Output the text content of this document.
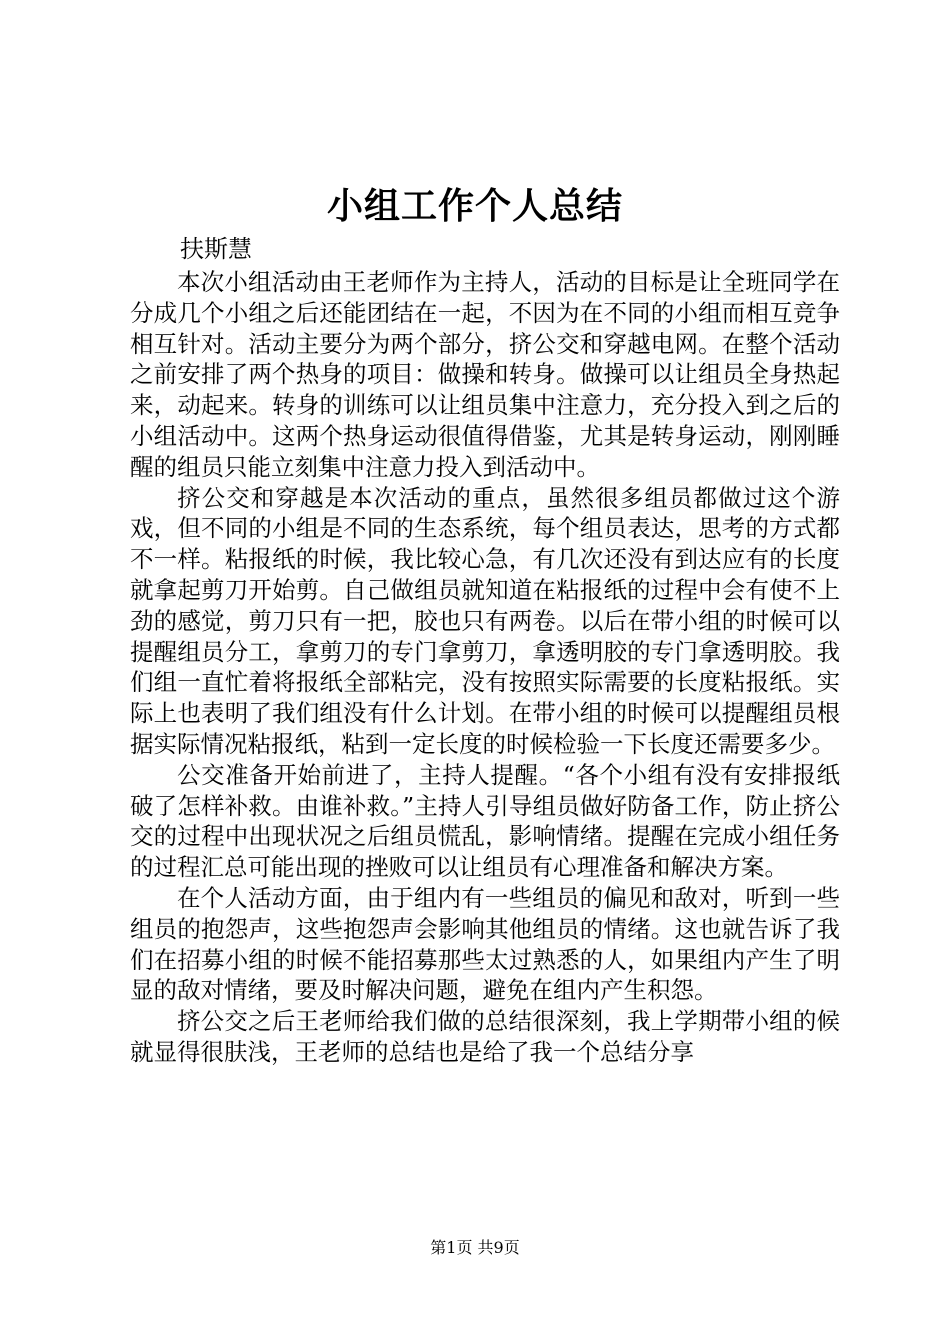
小组工作个人总结
扶斯慧

本次小组活动由王老师作为主持人，活动的目标是让全班同学在分成几个小组之后还能团结在一起，不因为在不同的小组而相互竞争相互针对。活动主要分为两个部分，挤公交和穿越电网。在整个活动之前安排了两个热身的项目：做操和转身。做操可以让组员全身热起来，动起来。转身的训练可以让组员集中注意力，充分投入到之后的小组活动中。这两个热身运动很值得借鉴，尤其是转身运动，刚刚睡醒的组员只能立刻集中注意力投入到活动中。

挤公交和穿越是本次活动的重点，虽然很多组员都做过这个游戏，但不同的小组是不同的生态系统，每个组员表达，思考的方式都不一样。粘报纸的时候，我比较心急，有几次还没有到达应有的长度就拿起剪刀开始剪。自己做组员就知道在粘报纸的过程中会有使不上劲的感觉，剪刀只有一把，胶也只有两卷。以后在带小组的时候可以提醒组员分工，拿剪刀的专门拿剪刀，拿透明胶的专门拿透明胶。我们组一直忙着将报纸全部粘完，没有按照实际需要的长度粘报纸。实际上也表明了我们组没有什么计划。在带小组的时候可以提醒组员根据实际情况粘报纸，粘到一定长度的时候检验一下长度还需要多少。

公交准备开始前进了，主持人提醒。“各个小组有没有安排报纸破了怎样补救。由谁补救。”主持人引导组员做好防备工作，防止挤公交的过程中出现状况之后组员慌乱，影响情绪。提醒在完成小组任务的过程汇总可能出现的挫败可以让组员有心理准备和解决方案。

在个人活动方面，由于组内有一些组员的偏见和敌对，听到一些组员的抱怨声，这些抱怨声会影响其他组员的情绪。这也就告诉了我们在招募小组的时候不能招募那些太过熟悉的人，如果组内产生了明显的敌对情绪，要及时解决问题，避免在组内产生积怨。

挤公交之后王老师给我们做的总结很深刻，我上学期带小组的候就显得很肤浅，王老师的总结也是给了我一个总结分享

第1页 共9页
